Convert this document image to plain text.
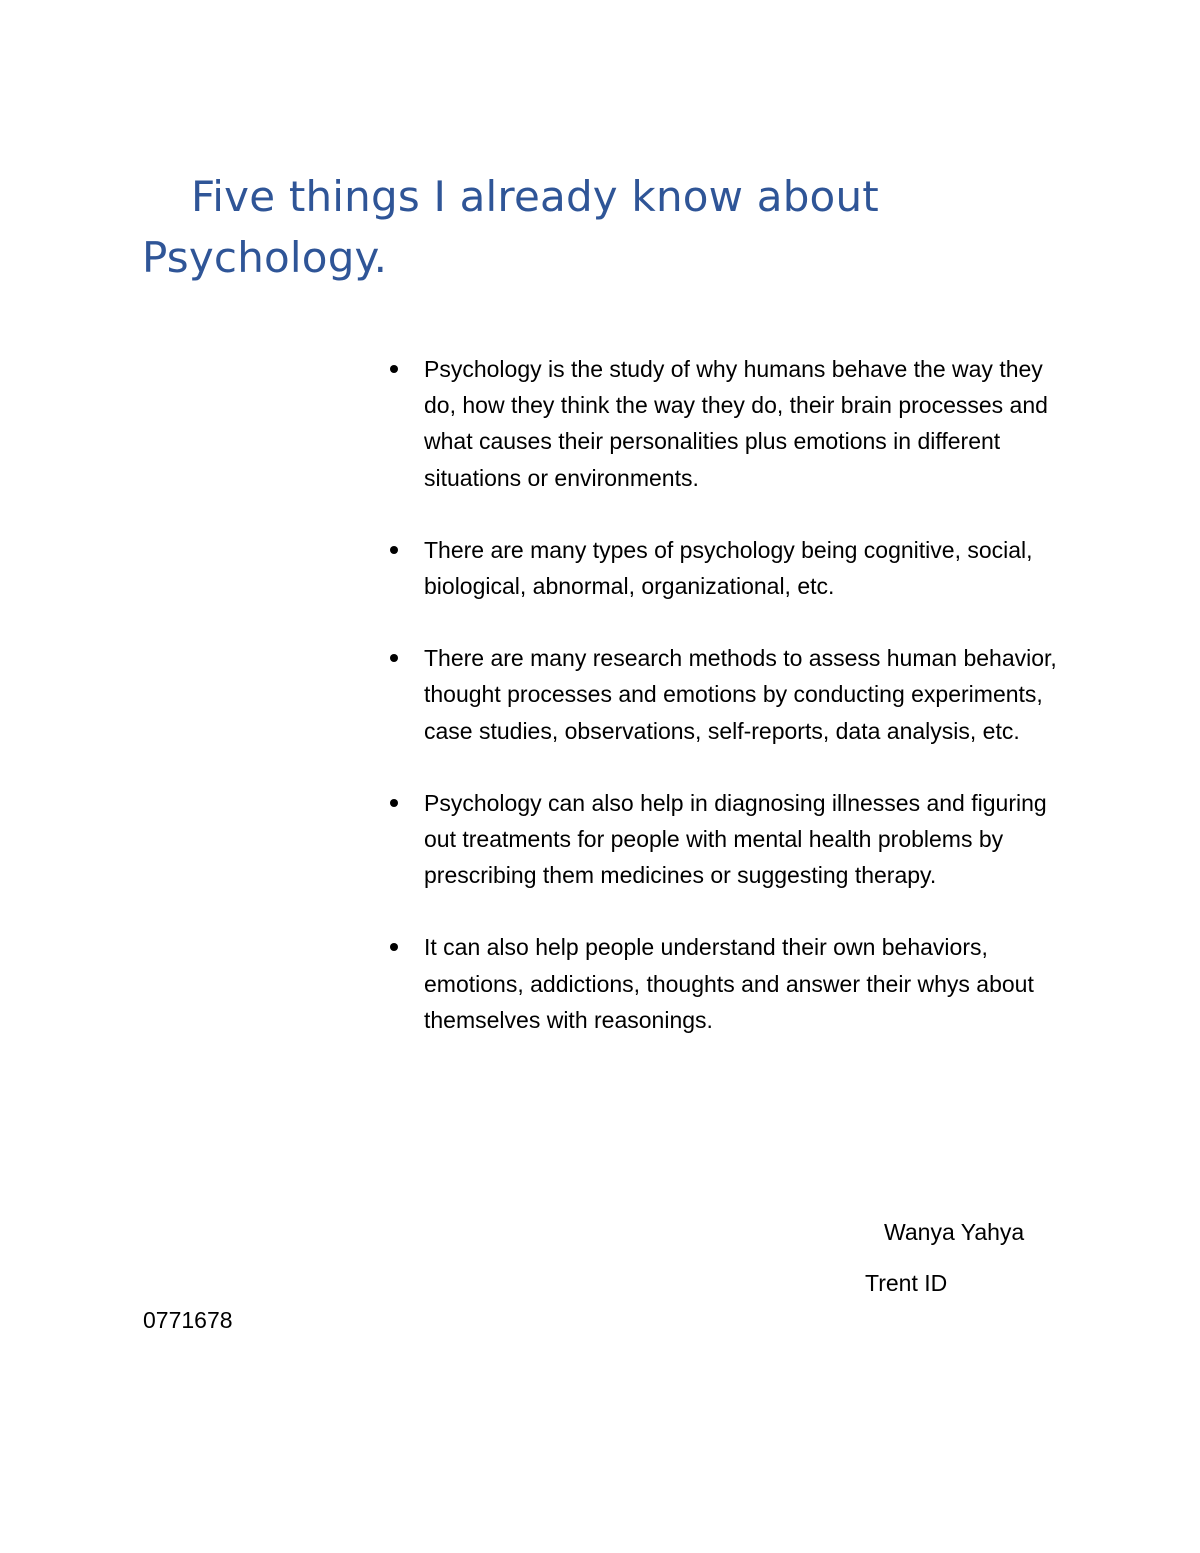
Five things I already know about Psychology.
Psychology is the study of why humans behave the way they do, how they think the way they do, their brain processes and what causes their personalities plus emotions in different situations or environments.
There are many types of psychology being cognitive, social, biological, abnormal, organizational, etc.
There are many research methods to assess human behavior, thought processes and emotions by conducting experiments, case studies, observations, self-reports, data analysis, etc.
Psychology can also help in diagnosing illnesses and figuring out treatments for people with mental health problems by prescribing them medicines or suggesting therapy.
It can also help people understand their own behaviors, emotions, addictions, thoughts and answer their whys about themselves with reasonings.
Wanya Yahya
Trent ID
0771678
